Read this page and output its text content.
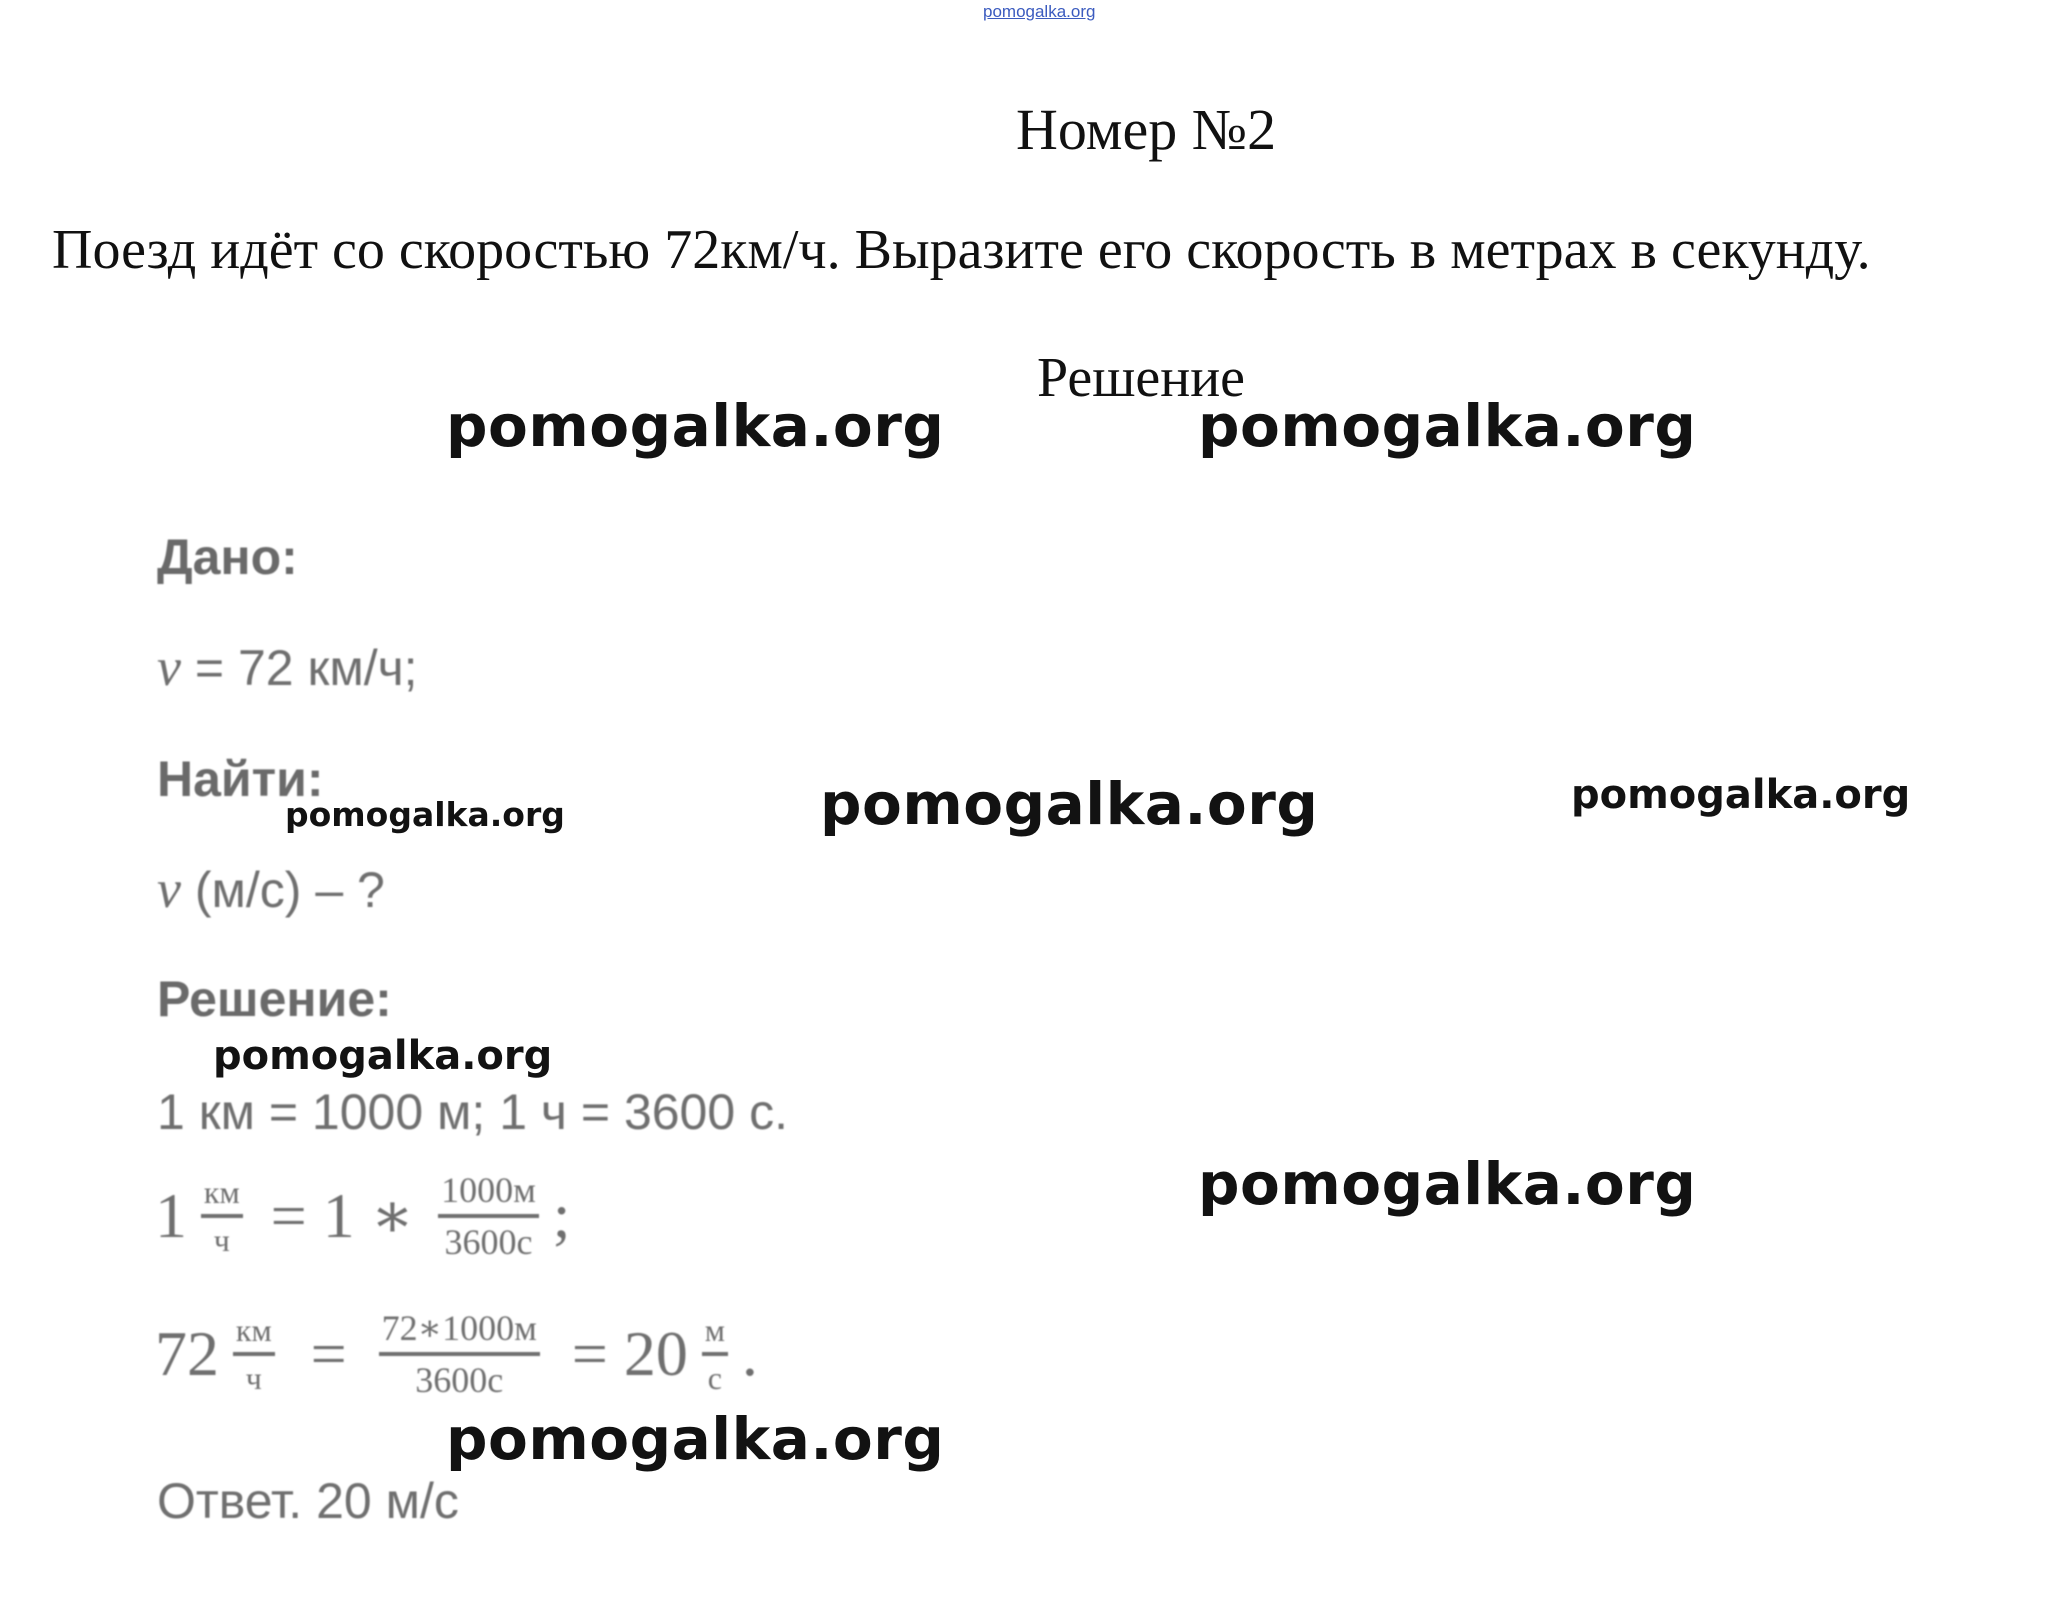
pomogalka.org
Номер №2
Поезд идёт со скоростью 72км/ч. Выразите его скорость в метрах в секунду.
Решение
Дано:
v = 72 км/ч;
Найти:
v (м/с) – ?
Решение:
1 км = 1000 м; 1 ч = 3600 с.
$1 \frac{км}{ч} = 1$ ∗ $\frac{1000м}{3600с}$ ;
$72 \frac{км}{ч} = \frac{72∗1000м}{3600с} = 20 \frac{м}{с}$ .
Ответ. 20 м/с
pomogalka.org	pomogalka.org
pomogalka.org	pomogalka.org	pomogalka.org
pomogalka.org
pomogalka.org
pomogalka.org
